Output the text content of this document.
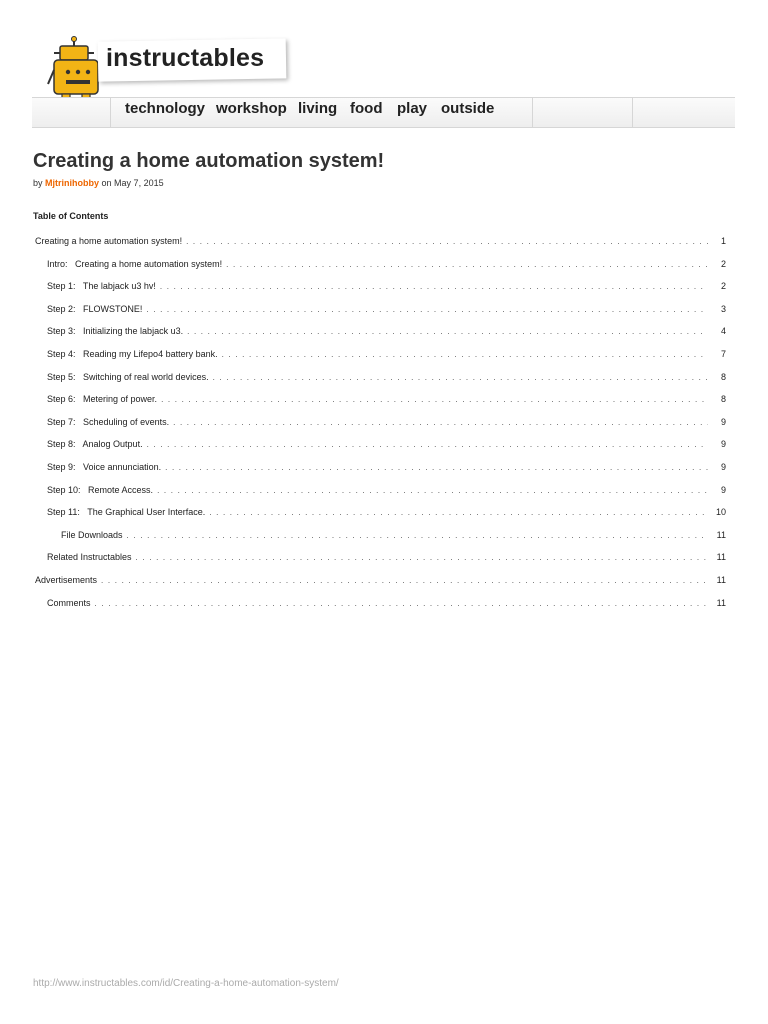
instructables
technology workshop living food play outside
Creating a home automation system!
by Mjtrinihobby on May 7, 2015
Table of Contents
Creating a home automation system! . . .	1
Intro:   Creating a home automation system! . . .	2
Step 1:   The labjack u3 hv! . . .	2
Step 2:   FLOWSTONE! . . .	3
Step 3:   Initializing the labjack u3. . . .	4
Step 4:   Reading my Lifepo4 battery bank. . . .	7
Step 5:   Switching of real world devices. . . .	8
Step 6:   Metering of power. . . .	8
Step 7:   Scheduling of events. . . .	9
Step 8:   Analog Output. . . .	9
Step 9:   Voice annunciation. . . .	9
Step 10:   Remote Access. . . .	9
Step 11:   The Graphical User Interface. . . .	10
File Downloads . . .	11
Related Instructables . . .	11
Advertisements . . .	11
Comments . . .	11
http://www.instructables.com/id/Creating-a-home-automation-system/
